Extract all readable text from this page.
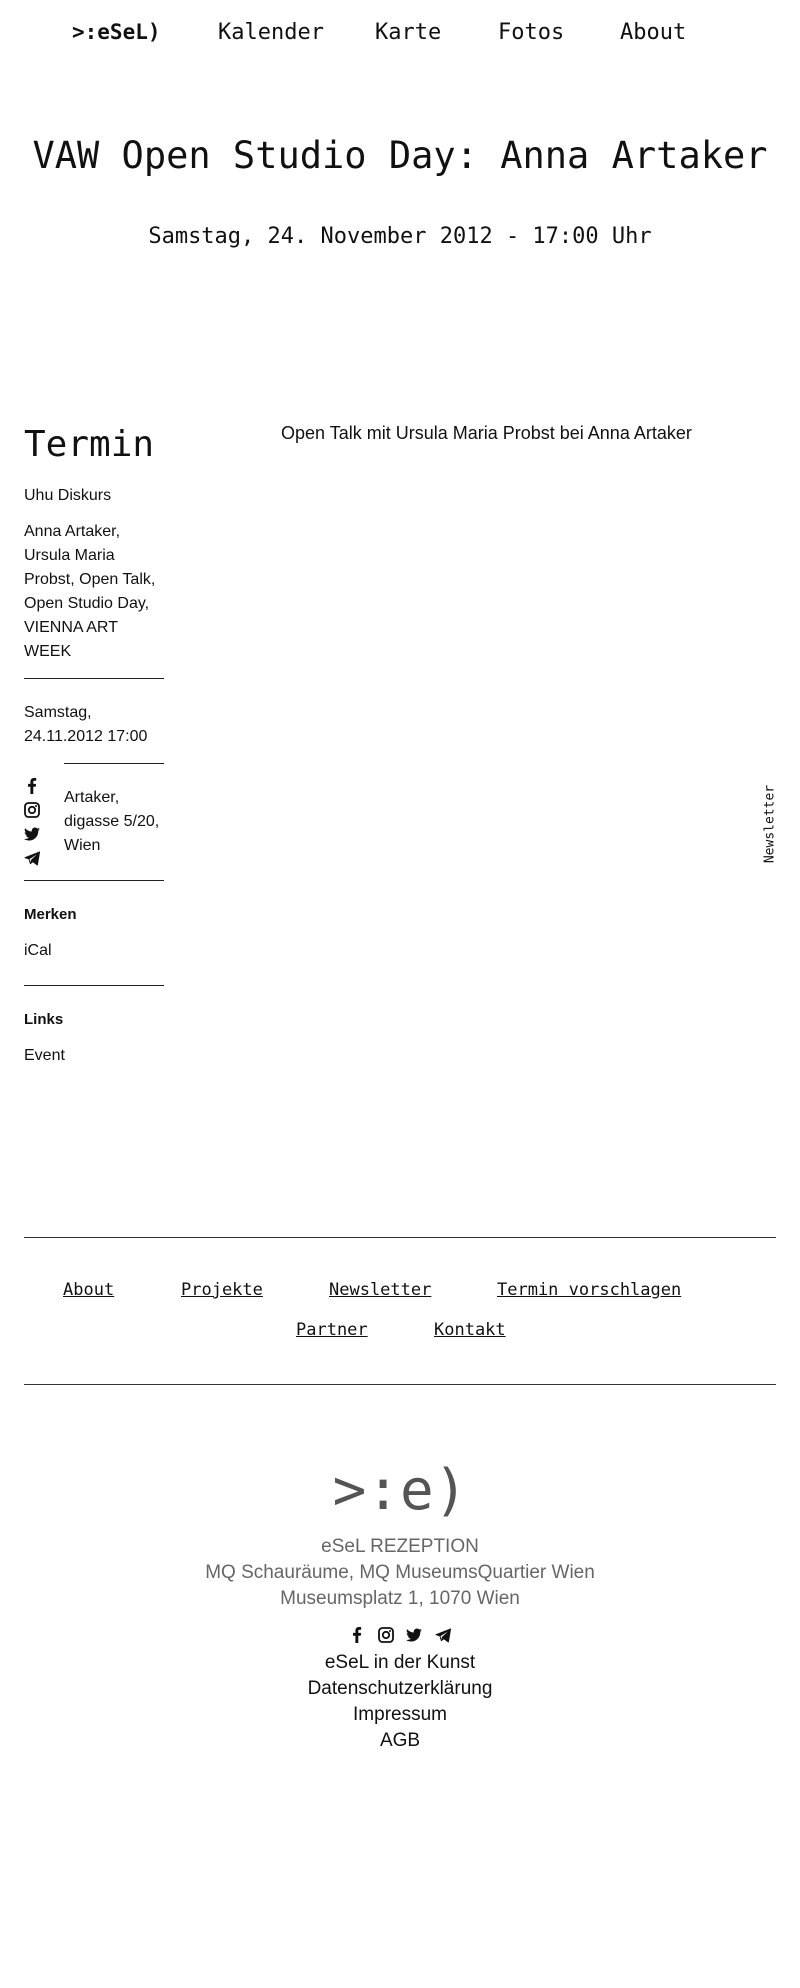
>:eSeL)	Kalender Karte	Fotos	About
VAW Open Studio Day: Anna Artaker
Samstag, 24. November 2012 - 17:00 Uhr
Termin

Uhu Diskurs

Anna Artaker, Ursula Maria Probst, Open Talk, Open Studio Day, VIENNA ART WEEK

Samstag, 24.11.2012 17:00

Artaker,
digasse 5/20,
Wien
Merken

iCal

Links

Event

Open Talk mit Ursula Maria Probst bei Anna Artaker
Newsletter
About	Projekte	Newsletter	Termin vorschlagen
Partner	Kontakt
>:e)
eSeL REZEPTION
MQ Schauräume, MQ MuseumsQuartier Wien
Museumsplatz 1, 1070 Wien

eSeL in der Kunst
Datenschutzerklärung
Impressum
AGB
